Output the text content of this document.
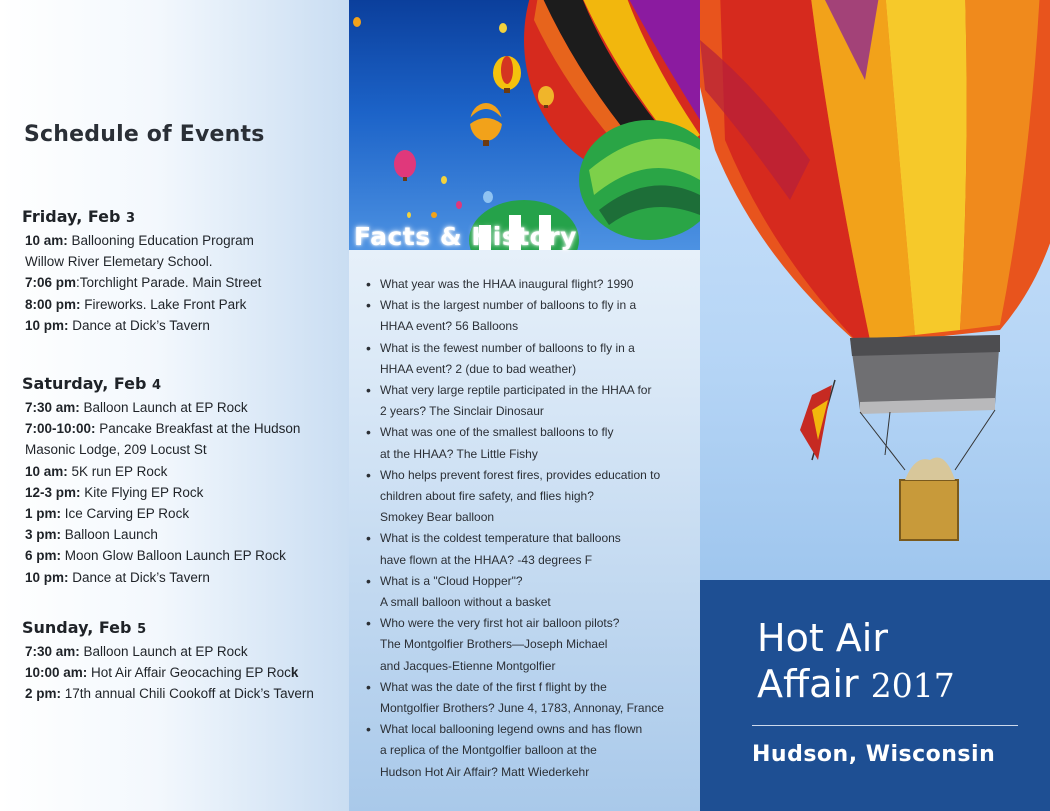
Schedule of Events
Friday, Feb 3
10 am: Ballooning Education Program
Willow River Elemetary School.
7:06 pm:Torchlight Parade. Main Street
8:00 pm: Fireworks. Lake Front Park
10 pm: Dance at Dick’s Tavern
Saturday, Feb 4
7:30 am: Balloon Launch at EP Rock
7:00-10:00: Pancake Breakfast at the Hudson
Masonic Lodge, 209 Locust St
10 am: 5K run EP Rock
12-3 pm: Kite Flying EP Rock
1 pm: Ice Carving EP Rock
3 pm: Balloon Launch
6 pm: Moon Glow Balloon Launch EP Rock
10 pm: Dance at Dick’s Tavern
Sunday, Feb 5
7:30 am: Balloon Launch at EP Rock
10:00 am: Hot Air Affair Geocaching EP Rock
2 pm: 17th annual Chili Cookoff at Dick’s Tavern
• What year was the HHAA inaugural flight? 1990
• What is the largest number of balloons to fly in a
HHAA event? 56 Balloons
• What is the fewest number of balloons to fly in a
HHAA event? 2 (due to bad weather)
• What very large reptile participated in the HHAA for
2 years? The Sinclair Dinosaur
• What was one of the smallest balloons to fly
at the HHAA? The Little Fishy
• Who helps prevent forest fires, provides education to
children about fire safety, and flies high?
Smokey Bear balloon
• What is the coldest temperature that balloons
have flown at the HHAA? -43 degrees F
• What is a "Cloud Hopper"?
A small balloon without a basket
• Who were the very first hot air balloon pilots?
The Montgolfier Brothers—Joseph Michael
and Jacques-Etienne Montgolfier
• What was the date of the first f flight by the
Montgolfier Brothers? June 4, 1783, Annonay, France
• What local ballooning legend owns and has flown
a replica of the Montgolfier balloon at the
Hudson Hot Air Affair? Matt Wiederkehr
Facts & History
Hot Air
Affair 2017
Hudson, Wisconsin
